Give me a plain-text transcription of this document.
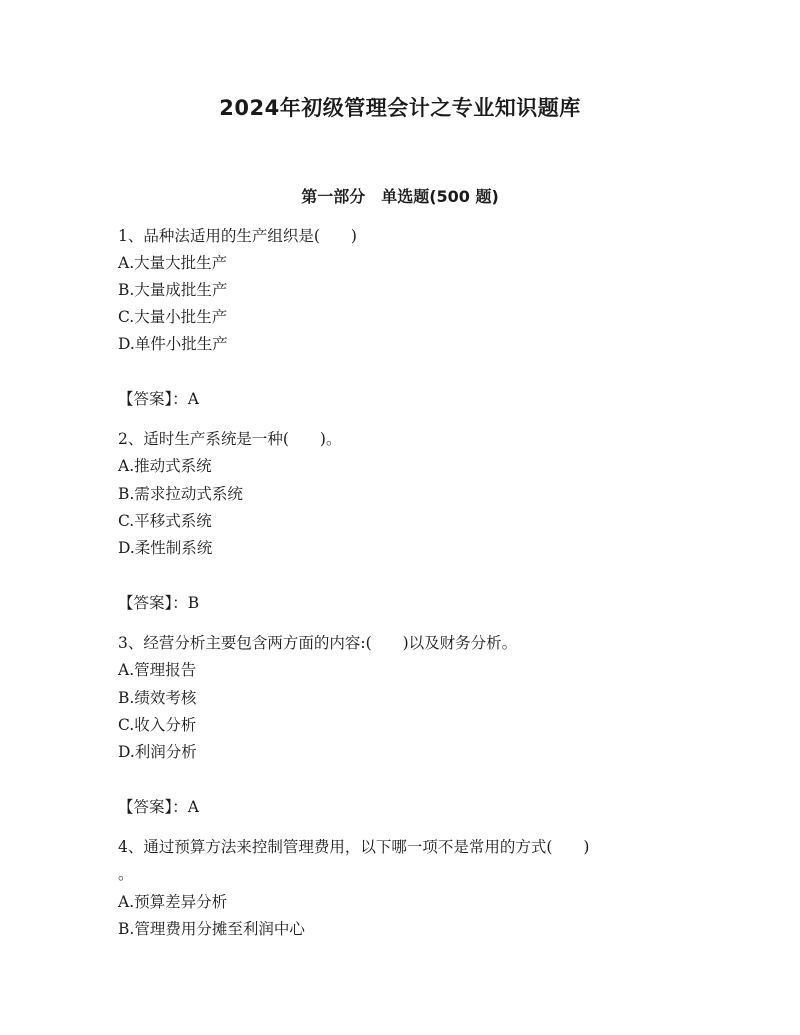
2024年初级管理会计之专业知识题库
第一部分　单选题(500 题)
1、品种法适用的生产组织是(　　)
A.大量大批生产
B.大量成批生产
C.大量小批生产
D.单件小批生产
【答案】：A
2、适时生产系统是一种(　　)。
A.推动式系统
B.需求拉动式系统
C.平移式系统
D.柔性制系统
【答案】：B
3、经营分析主要包含两方面的内容:(　　)以及财务分析。
A.管理报告
B.绩效考核
C.收入分析
D.利润分析
【答案】：A
4、通过预算方法来控制管理费用，以下哪一项不是常用的方式(　　)
。
A.预算差异分析
B.管理费用分摊至利润中心
